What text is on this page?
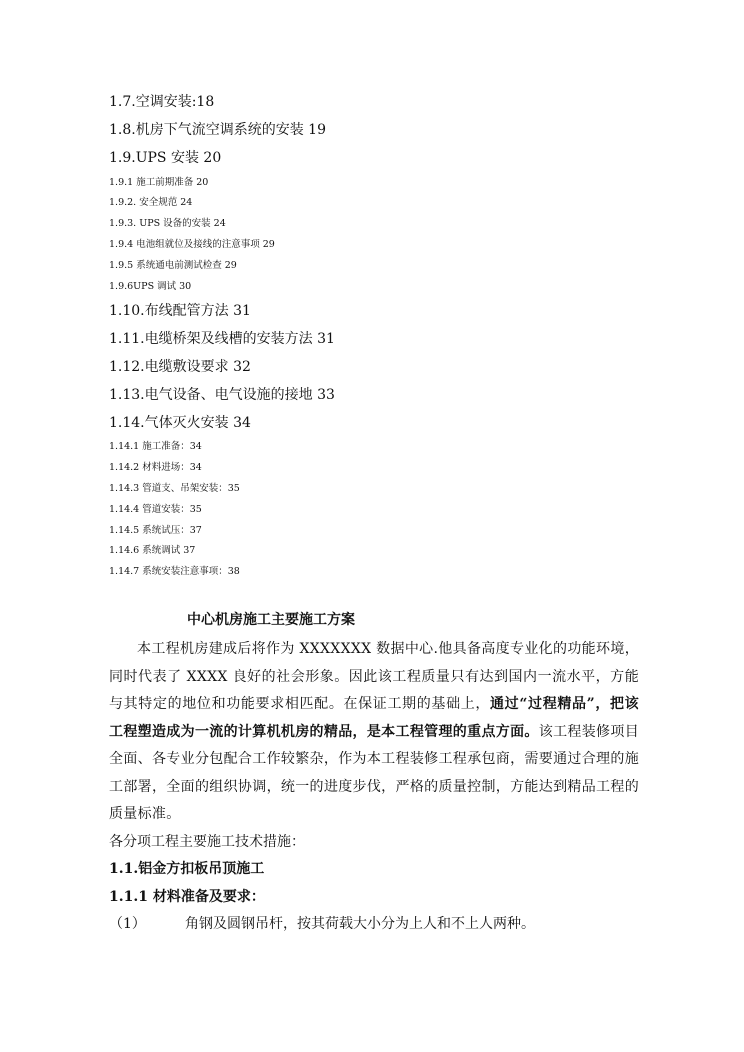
1.7.空调安装:18
1.8.机房下气流空调系统的安装 19
1.9.UPS 安装 20
1.9.1 施工前期准备 20
1.9.2. 安全规范 24
1.9.3. UPS 设备的安装 24
1.9.4 电池组就位及接线的注意事项 29
1.9.5 系统通电前测试检查 29
1.9.6UPS 调试 30
1.10.布线配管方法 31
1.11.电缆桥架及线槽的安装方法 31
1.12.电缆敷设要求 32
1.13.电气设备、电气设施的接地 33
1.14.气体灭火安装 34
1.14.1 施工准备：34
1.14.2 材料进场：34
1.14.3 管道支、吊架安装：35
1.14.4 管道安装：35
1.14.5 系统试压：37
1.14.6 系统调试 37
1.14.7 系统安装注意事项：38
中心机房施工主要施工方案

本工程机房建成后将作为 XXXXXXX 数据中心.他具备高度专业化的功能环境，同时代表了 XXXX 良好的社会形象。因此该工程质量只有达到国内一流水平，方能与其特定的地位和功能要求相匹配。在保证工期的基础上，通过“过程精品”，把该工程塑造成为一流的计算机机房的精品，是本工程管理的重点方面。该工程装修项目全面、各专业分包配合工作较繁杂，作为本工程装修工程承包商，需要通过合理的施工部署，全面的组织协调，统一的进度步伐，严格的质量控制，方能达到精品工程的质量标准。

各分项工程主要施工技术措施：
1.1.铝金方扣板吊顶施工
1.1.1 材料准备及要求：
（1）	角钢及圆钢吊杆，按其荷载大小分为上人和不上人两种。
